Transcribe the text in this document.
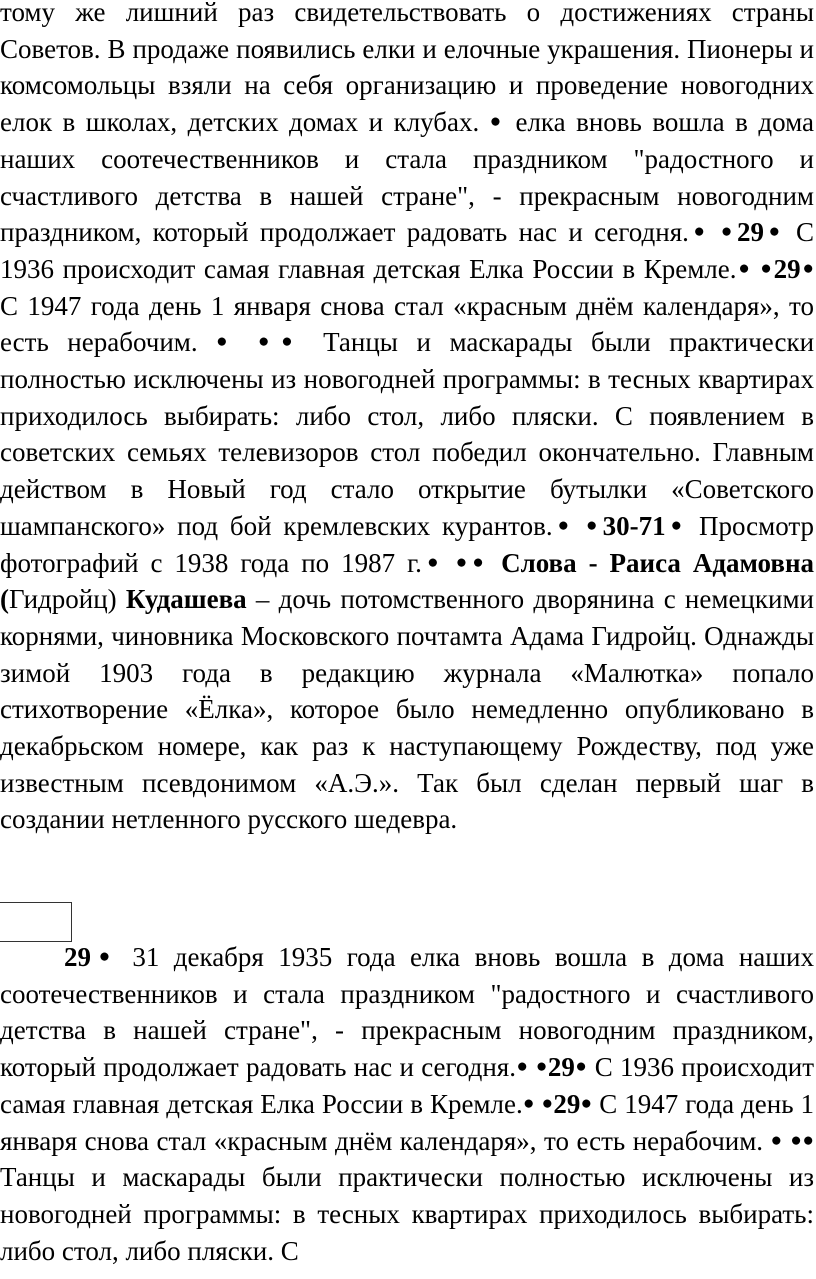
тому же лишний раз свидетельствовать о достижениях страны Советов. В продаже появились елки и елочные украшения. Пионеры и комсомольцы взяли на себя организацию и проведение новогодних елок в школах, детских домах и клубах. ● елка вновь вошла в дома наших соотечественников и стала праздником "радостного и счастливого детства в нашей стране", - прекрасным новогодним праздником, который продолжает радовать нас и сегодня.● ●29● С 1936 происходит самая главная детская Елка России в Кремле.● ●29● С 1947 года день 1 января снова стал «красным днём календаря», то есть нерабочим. ● ●● Танцы и маскарады были практически полностью исключены из новогодней программы: в тесных квартирах приходилось выбирать: либо стол, либо пляски. С появлением в советских семьях телевизоров стол победил окончательно. Главным действом в Новый год стало открытие бутылки «Советского шампанского» под бой кремлевских курантов.● ●30-71● Просмотр фотографий с 1938 года по 1987 г.● ●● Слова - Раиса Адамовна (Гидройц) Кудашева – дочь потомственного дворянина с немецкими корнями, чиновника Московского почтамта Адама Гидройц. Однажды зимой 1903 года в редакцию журнала «Малютка» попало стихотворение «Ёлка», которое было немедленно опубликовано в декабрьском номере, как раз к наступающему Рождеству, под уже известным псевдонимом «А.Э.». Так был сделан первый шаг в создании нетленного русского шедевра.

29● 31 декабря 1935 года елка вновь вошла в дома наших соотечественников и стала праздником "радостного и счастливого детства в нашей стране", - прекрасным новогодним праздником, который продолжает радовать нас и сегодня.● ●29● С 1936 происходит самая главная детская Елка России в Кремле.● ●29● С 1947 года день 1 января снова стал «красным днём календаря», то есть нерабочим. ● ●● Танцы и маскарады были практически полностью исключены из новогодней программы: в тесных квартирах приходилось выбирать: либо стол, либо пляски. С
